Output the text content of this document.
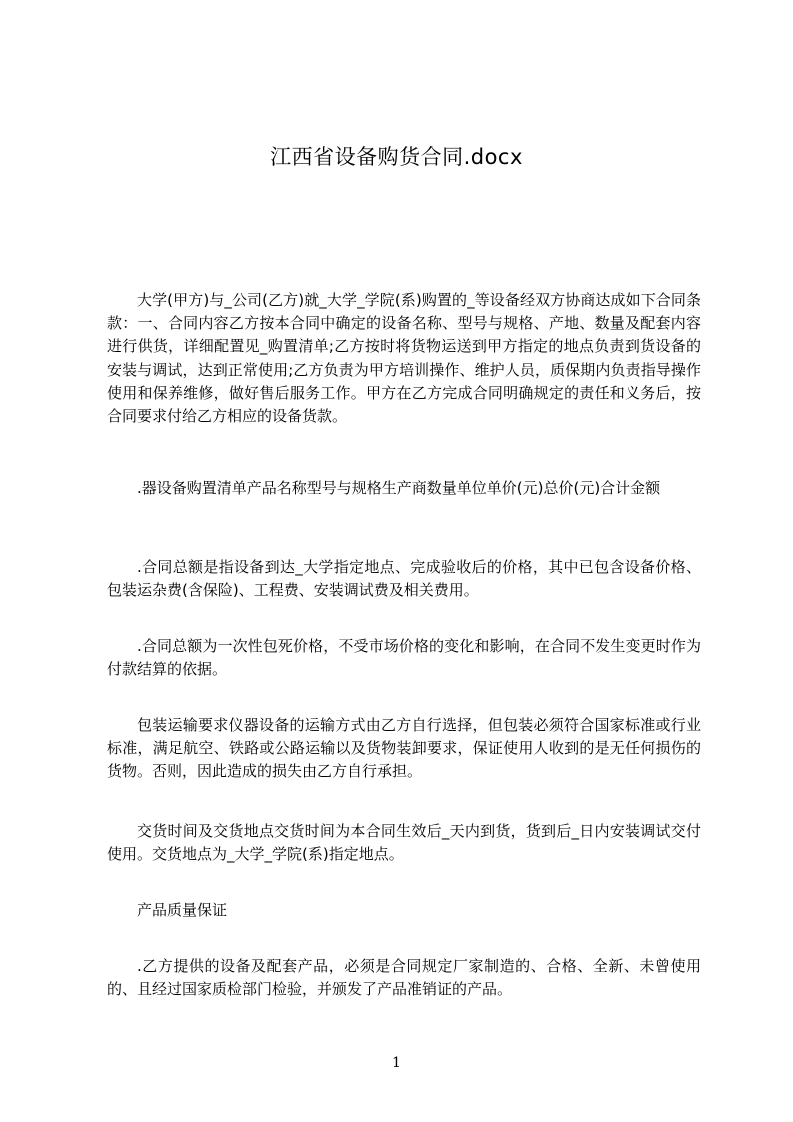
江西省设备购货合同.docx

大学(甲方)与_公司(乙方)就_大学_学院(系)购置的_等设备经双方协商达成如下合同条款：一、合同内容乙方按本合同中确定的设备名称、型号与规格、产地、数量及配套内容进行供货，详细配置见_购置清单;乙方按时将货物运送到甲方指定的地点负责到货设备的安装与调试，达到正常使用;乙方负责为甲方培训操作、维护人员，质保期内负责指导操作使用和保养维修，做好售后服务工作。甲方在乙方完成合同明确规定的责任和义务后，按合同要求付给乙方相应的设备货款。

.器设备购置清单产品名称型号与规格生产商数量单位单价(元)总价(元)合计金额

.合同总额是指设备到达_大学指定地点、完成验收后的价格，其中已包含设备价格、包装运杂费(含保险)、工程费、安装调试费及相关费用。

.合同总额为一次性包死价格，不受市场价格的变化和影响，在合同不发生变更时作为付款结算的依据。

包装运输要求仪器设备的运输方式由乙方自行选择，但包装必须符合国家标准或行业标准，满足航空、铁路或公路运输以及货物装卸要求，保证使用人收到的是无任何损伤的货物。否则，因此造成的损失由乙方自行承担。

交货时间及交货地点交货时间为本合同生效后_天内到货，货到后_日内安装调试交付使用。交货地点为_大学_学院(系)指定地点。

产品质量保证

.乙方提供的设备及配套产品，必须是合同规定厂家制造的、合格、全新、未曾使用的、且经过国家质检部门检验，并颁发了产品准销证的产品。

1
